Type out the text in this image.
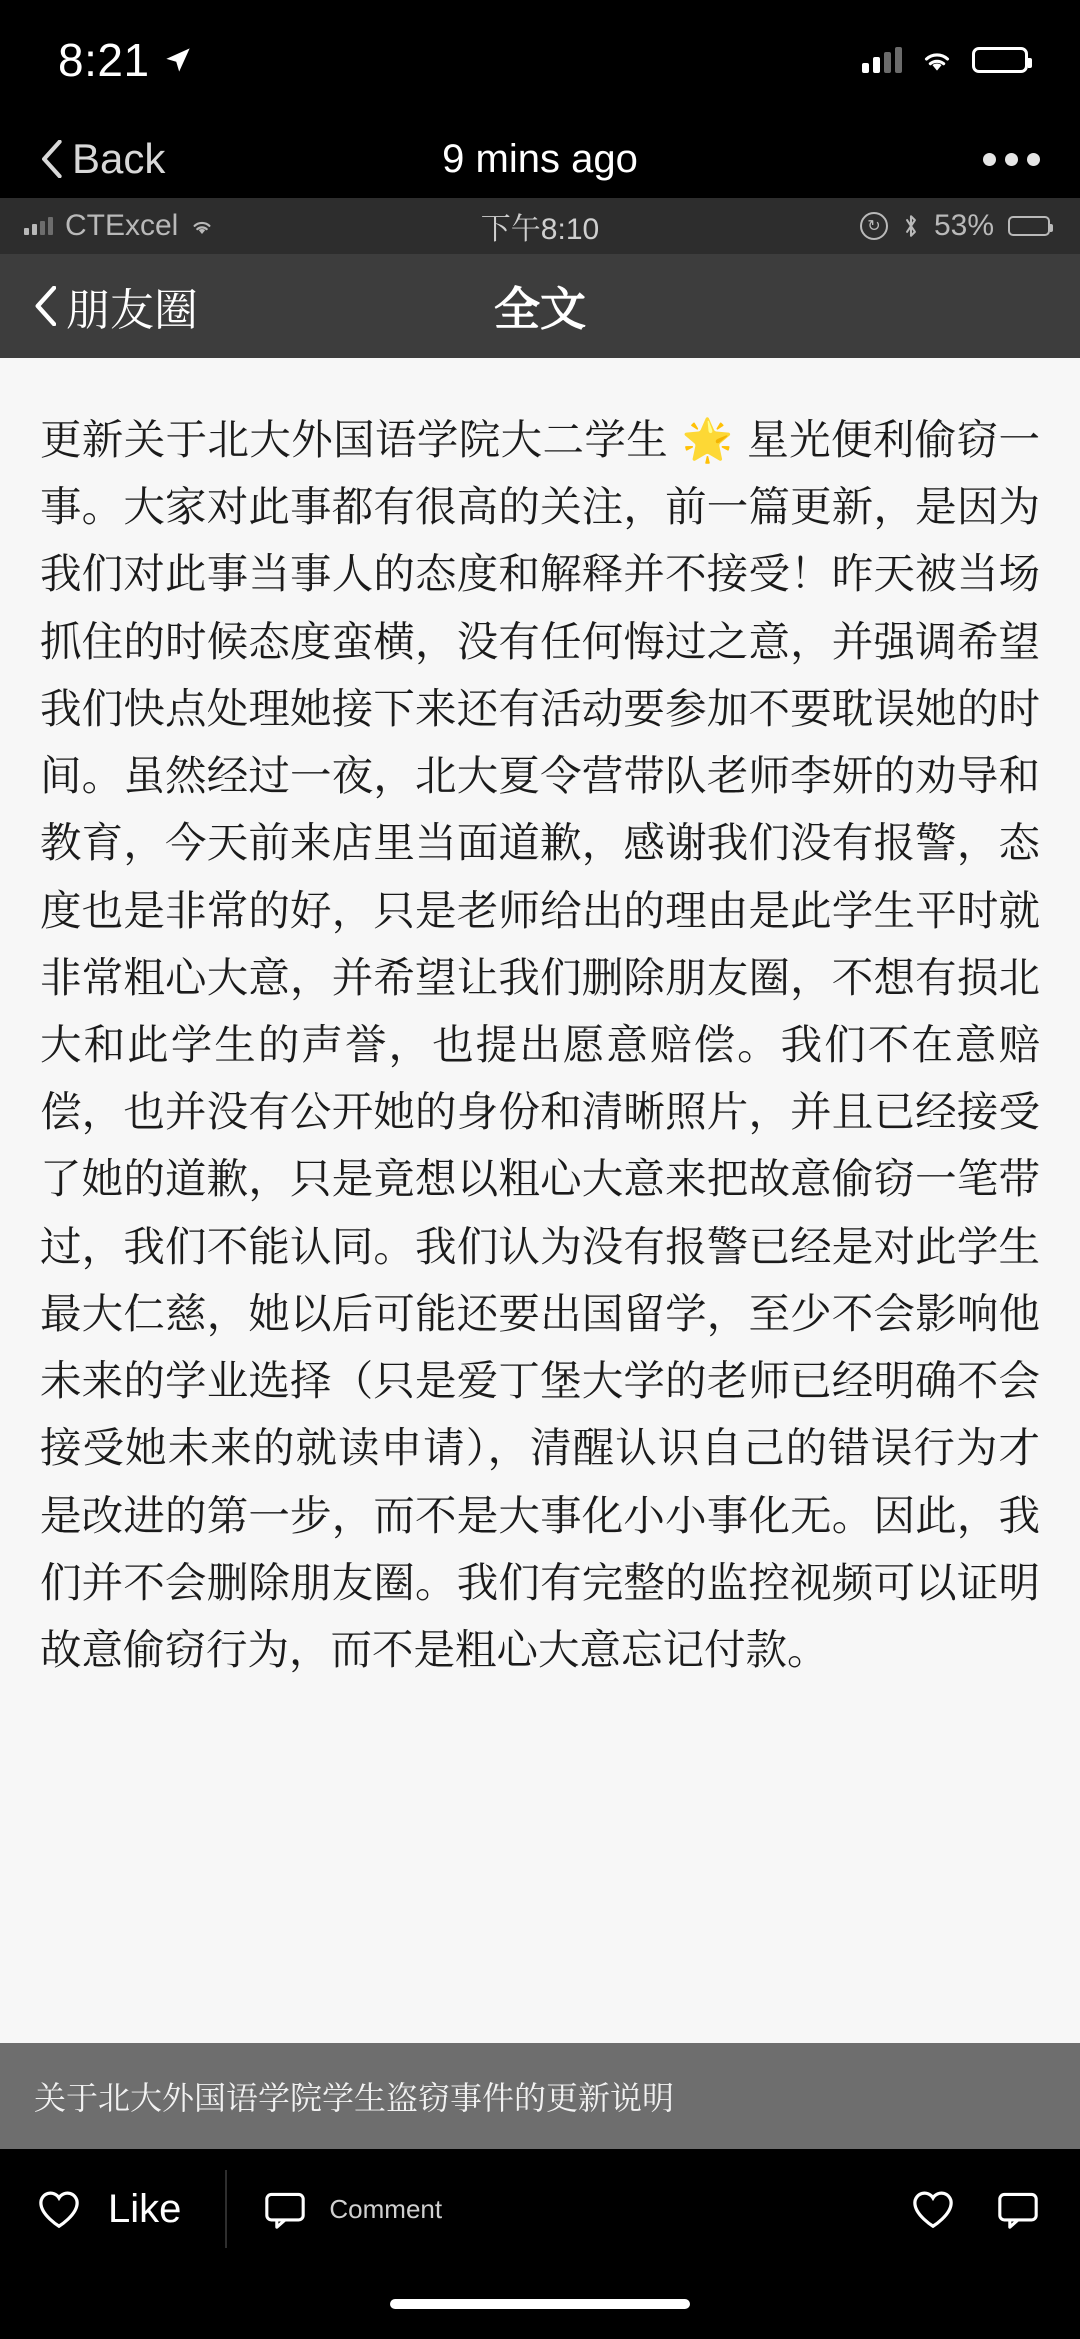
8:21
Back	9 mins ago
CTExcel	下午8:10	↻ 53%
朋友圈	全文

更新关于北大外国语学院大二学生 🌟 星光便利偷窃一事。大家对此事都有很高的关注，前一篇更新，是因为我们对此事当事人的态度和解释并不接受！昨天被当场抓住的时候态度蛮横，没有任何悔过之意，并强调希望我们快点处理她接下来还有活动要参加不要耽误她的时间。虽然经过一夜，北大夏令营带队老师李妍的劝导和教育，今天前来店里当面道歉，感谢我们没有报警，态度也是非常的好，只是老师给出的理由是此学生平时就非常粗心大意，并希望让我们删除朋友圈，不想有损北大和此学生的声誉，也提出愿意赔偿。我们不在意赔偿，也并没有公开她的身份和清晰照片，并且已经接受了她的道歉，只是竟想以粗心大意来把故意偷窃一笔带过，我们不能认同。我们认为没有报警已经是对此学生最大仁慈，她以后可能还要出国留学，至少不会影响他未来的学业选择（只是爱丁堡大学的老师已经明确不会接受她未来的就读申请），清醒认识自己的错误行为才是改进的第一步，而不是大事化小小事化无。因此，我们并不会删除朋友圈。我们有完整的监控视频可以证明故意偷窃行为，而不是粗心大意忘记付款。

关于北大外国语学院学生盗窃事件的更新说明
Like	Comment
